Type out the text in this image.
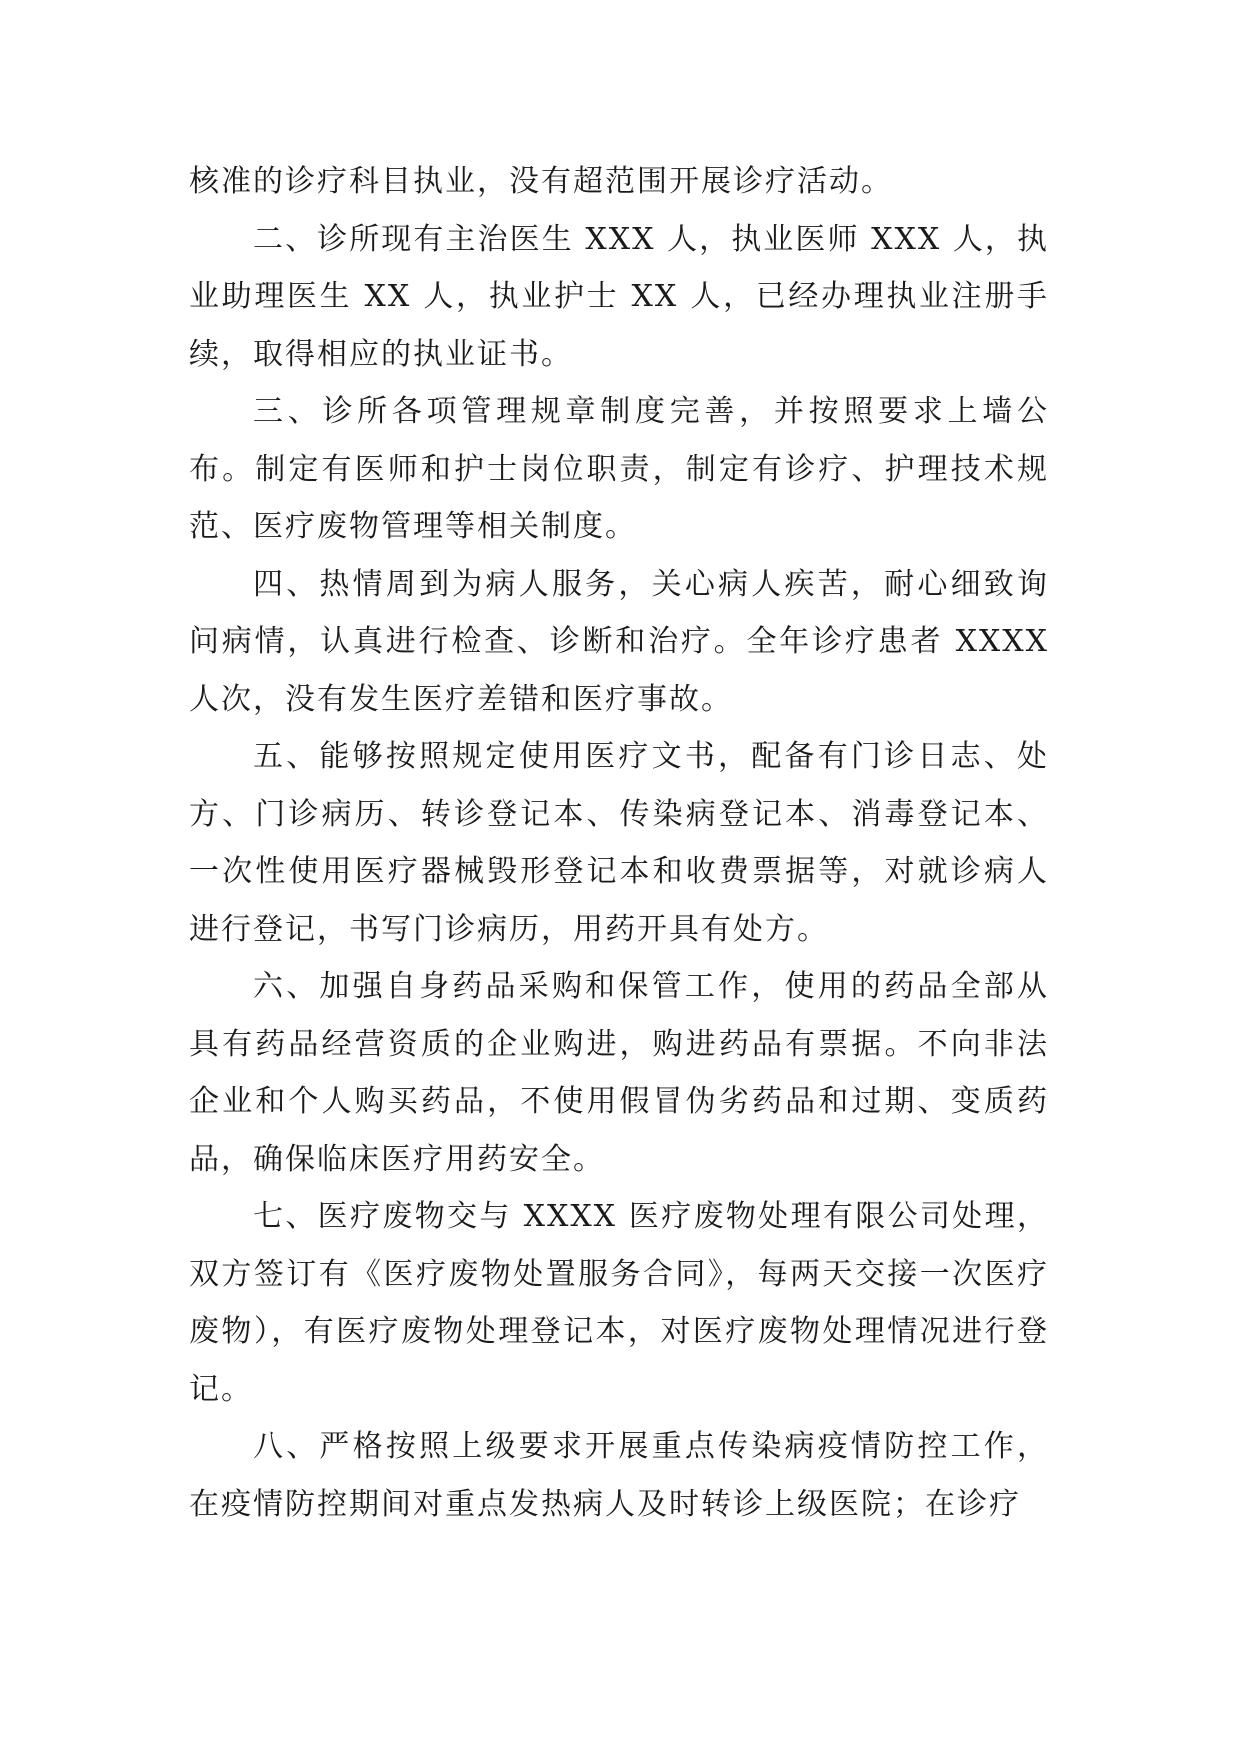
核准的诊疗科目执业，没有超范围开展诊疗活动。

二、诊所现有主治医生 XXX 人，执业医师 XXX 人，执业助理医生 XX 人，执业护士 XX 人，已经办理执业注册手续，取得相应的执业证书。

三、诊所各项管理规章制度完善，并按照要求上墙公布。制定有医师和护士岗位职责，制定有诊疗、护理技术规范、医疗废物管理等相关制度。

四、热情周到为病人服务，关心病人疾苦，耐心细致询问病情，认真进行检查、诊断和治疗。全年诊疗患者 XXXX 人次，没有发生医疗差错和医疗事故。

五、能够按照规定使用医疗文书，配备有门诊日志、处方、门诊病历、转诊登记本、传染病登记本、消毒登记本、一次性使用医疗器械毁形登记本和收费票据等，对就诊病人进行登记，书写门诊病历，用药开具有处方。

六、加强自身药品采购和保管工作，使用的药品全部从具有药品经营资质的企业购进，购进药品有票据。不向非法企业和个人购买药品，不使用假冒伪劣药品和过期、变质药品，确保临床医疗用药安全。

七、医疗废物交与 XXXX 医疗废物处理有限公司处理，双方签订有《医疗废物处置服务合同》，每两天交接一次医疗废物），有医疗废物处理登记本，对医疗废物处理情况进行登记。

八、严格按照上级要求开展重点传染病疫情防控工作，在疫情防控期间对重点发热病人及时转诊上级医院；在诊疗
